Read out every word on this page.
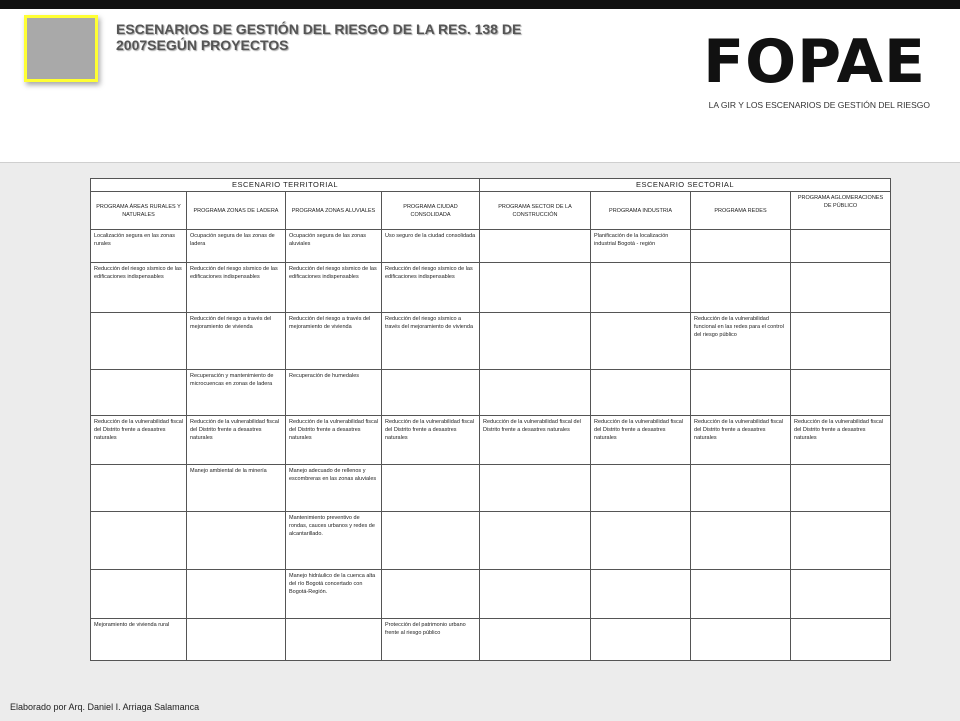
ESCENARIOS DE GESTIÓN DEL RIESGO DE LA RES. 138 DE 2007SEGÚN PROYECTOS	FOPAE
LA GIR Y LOS ESCENARIOS DE GESTIÓN DEL RIESGO
ESCENARIO TERRITORIAL				ESCENARIO SECTORIAL			
PROGRAMA ÁREAS RURALES Y NATURALES	PROGRAMA ZONAS DE LADERA	PROGRAMA ZONAS ALUVIALES	PROGRAMA CIUDAD CONSOLIDADA	PROGRAMA SECTOR DE LA CONSTRUCCIÓN	PROGRAMA INDUSTRIA	PROGRAMA REDES	PROGRAMA AGLOMERACIONES DE PÚBLICO
Localización segura en las zonas rurales	Ocupación segura de las zonas de ladera	Ocupación segura de las zonas aluviales	Uso seguro de la ciudad consolidada		Planificación de la localización industrial Bogotá - región		
Reducción del riesgo sísmico de las edificaciones indispensables	Reducción del riesgo sísmico de las edificaciones indispensables	Reducción del riesgo sísmico de las edificaciones indispensables	Reducción del riesgo sísmico de las edificaciones indispensables				
	Reducción del riesgo a través del mejoramiento de vivienda	Reducción del riesgo a través del mejoramiento de vivienda	Reducción del riesgo sísmico a través del mejoramiento de vivienda			Reducción de la vulnerabilidad funcional en las redes para el control del riesgo público	
	Recuperación y mantenimiento de microcuencas en zonas de ladera	Recuperación de humedales					
Reducción de la vulnerabilidad fiscal del Distrito frente a desastres naturales	Reducción de la vulnerabilidad fiscal del Distrito frente a desastres naturales	Reducción de la vulnerabilidad fiscal del Distrito frente a desastres naturales	Reducción de la vulnerabilidad fiscal del Distrito frente a desastres naturales	Reducción de la vulnerabilidad fiscal del Distrito frente a desastres naturales	Reducción de la vulnerabilidad fiscal del Distrito frente a desastres naturales	Reducción de la vulnerabilidad fiscal del Distrito frente a desastres naturales	Reducción de la vulnerabilidad fiscal del Distrito frente a desastres naturales
	Manejo ambiental de la minería	Manejo adecuado de rellenos y escombreras en las zonas aluviales					
		Mantenimiento preventivo de rondas, cauces urbanos y redes de alcantarillado.					
		Manejo hidráulico de la cuenca alta del río Bogotá concertado con Bogotá-Región.					
Mejoramiento de vivienda rural			Protección del patrimonio urbano frente al riesgo público				
Elaborado por Arq. Daniel I. Arriaga Salamanca
